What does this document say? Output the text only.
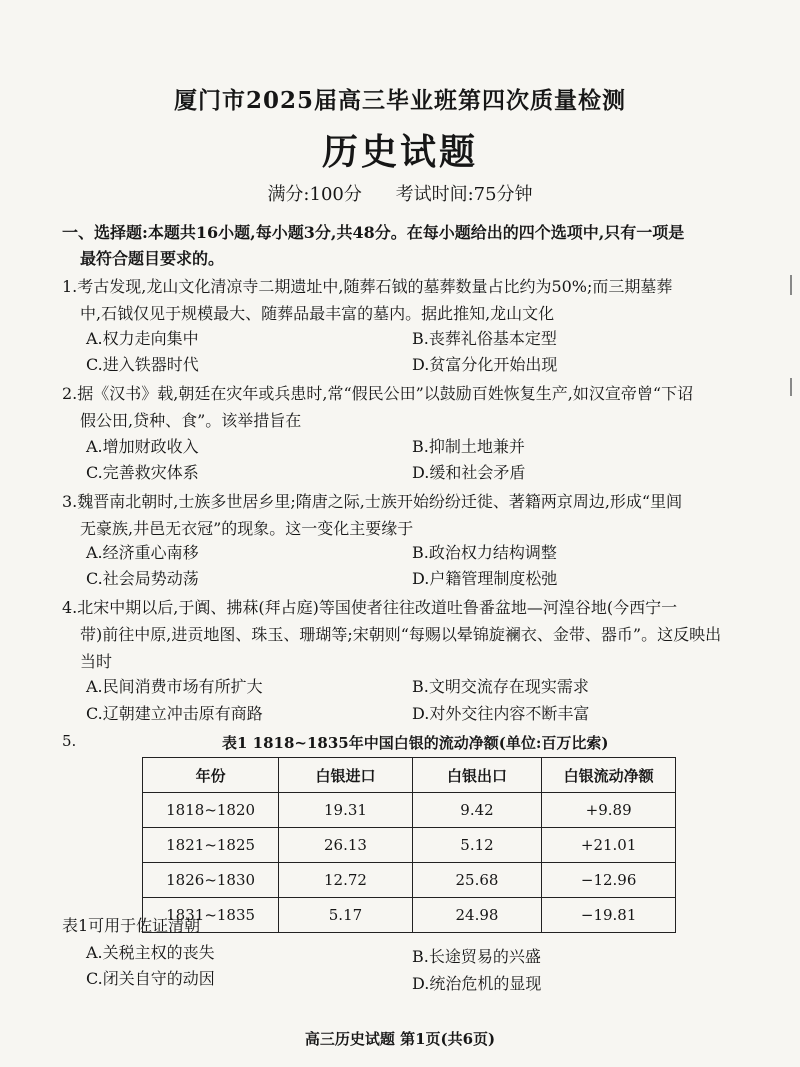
厦门市2025届高三毕业班第四次质量检测
历史试题
满分:100分 考试时间:75分钟
一、选择题:本题共16小题,每小题3分,共48分。在每小题给出的四个选项中,只有一项是
最符合题目要求的。
1.考古发现,龙山文化清凉寺二期遗址中,随葬石钺的墓葬数量占比约为50%;而三期墓葬
中,石钺仅见于规模最大、随葬品最丰富的墓内。据此推知,龙山文化
A.权力走向集中	B.丧葬礼俗基本定型
C.进入铁器时代	D.贫富分化开始出现
2.据《汉书》载,朝廷在灾年或兵患时,常“假民公田”以鼓励百姓恢复生产,如汉宣帝曾“下诏
假公田,贷种、食”。该举措旨在
A.增加财政收入	B.抑制土地兼并
C.完善救灾体系	D.缓和社会矛盾
3.魏晋南北朝时,士族多世居乡里;隋唐之际,士族开始纷纷迁徙、著籍两京周边,形成“里闾
无豪族,井邑无衣冠”的现象。这一变化主要缘于
A.经济重心南移	B.政治权力结构调整
C.社会局势动荡	D.户籍管理制度松弛
4.北宋中期以后,于阗、拂菻(拜占庭)等国使者往往改道吐鲁番盆地—河湟谷地(今西宁一
带)前往中原,进贡地图、珠玉、珊瑚等;宋朝则“每赐以晕锦旋襕衣、金带、器币”。这反映出
当时
A.民间消费市场有所扩大	B.文明交流存在现实需求
C.辽朝建立冲击原有商路	D.对外交往内容不断丰富
5.	表1 1818~1835年中国白银的流动净额(单位:百万比索)
年份	白银进口	白银出口	白银流动净额
1818~1820	19.31	9.42	+9.89
1821~1825	26.13	5.12	+21.01
1826~1830	12.72	25.68	−12.96
1831~1835	5.17	24.98	−19.81
表1可用于佐证清朝
A.关税主权的丧失	B.长途贸易的兴盛
C.闭关自守的动因	D.统治危机的显现
高三历史试题 第1页(共6页)
